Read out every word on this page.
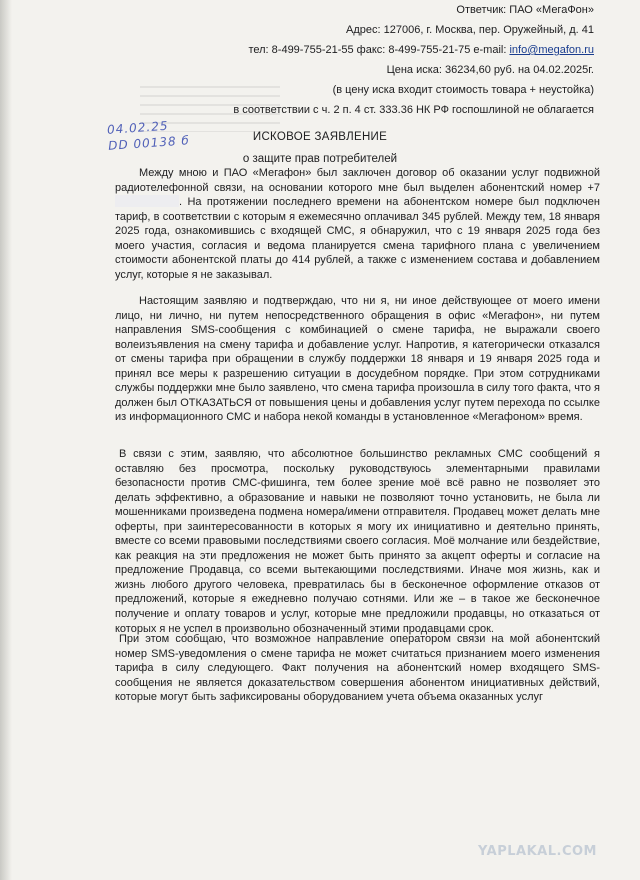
Ответчик: ПАО «МегаФон»
Адрес: 127006, г. Москва, пер. Оружейный, д. 41
тел: 8-499-755-21-55 факс: 8-499-755-21-75 e-mail: info@megafon.ru
Цена иска: 36234,60 руб. на 04.02.2025г.
(в цену иска входит стоимость товара + неустойка)
в соответствии с ч. 2 п. 4 ст. 333.36 НК РФ госпошлиной не облагается
04.02.25
DD 00138 б	ИСКОВОЕ ЗАЯВЛЕНИЕ
о защите прав потребителей

Между мною и ПАО «Мегафон» был заключен договор об оказании услуг подвижной радиотелефонной связи, на основании которого мне был выделен абонентский номер +7 . На протяжении последнего времени на абонентском номере был подключен тариф, в соответствии с которым я ежемесячно оплачивал 345 рублей. Между тем, 18 января 2025 года, ознакомившись с входящей СМС, я обнаружил, что с 19 января 2025 года без моего участия, согласия и ведома планируется смена тарифного плана с увеличением стоимости абонентской платы до 414 рублей, а также с изменением состава и добавлением услуг, которые я не заказывал.

Настоящим заявляю и подтверждаю, что ни я, ни иное действующее от моего имени лицо, ни лично, ни путем непосредственного обращения в офис «Мегафон», ни путем направления SMS-сообщения с комбинацией о смене тарифа, не выражали своего волеизъявления на смену тарифа и добавление услуг. Напротив, я категорически отказался от смены тарифа при обращении в службу поддержки 18 января и 19 января 2025 года и принял все меры к разрешению ситуации в досудебном порядке. При этом сотрудниками службы поддержки мне было заявлено, что смена тарифа произошла в силу того факта, что я должен был ОТКАЗАТЬСЯ от повышения цены и добавления услуг путем перехода по ссылке из информационного СМС и набора некой команды в установленное «Мегафоном» время.

В связи с этим, заявляю, что абсолютное большинство рекламных СМС сообщений я оставляю без просмотра, поскольку руководствуюсь элементарными правилами безопасности против СМС-фишинга, тем более зрение моё всё равно не позволяет это делать эффективно, а образование и навыки не позволяют точно установить, не была ли мошенниками произведена подмена номера/имени отправителя. Продавец может делать мне оферты, при заинтересованности в которых я могу их инициативно и деятельно принять, вместе со всеми правовыми последствиями своего согласия. Моё молчание или бездействие, как реакция на эти предложения не может быть принято за акцепт оферты и согласие на предложение Продавца, со всеми вытекающими последствиями. Иначе моя жизнь, как и жизнь любого другого человека, превратилась бы в бесконечное оформление отказов от предложений, которые я ежедневно получаю сотнями. Или же – в такое же бесконечное получение и оплату товаров и услуг, которые мне предложили продавцы, но отказаться от которых я не успел в произвольно обозначенный этими продавцами срок.

При этом сообщаю, что возможное направление оператором связи на мой абонентский номер SMS-уведомления о смене тарифа не может считаться признанием моего изменения тарифа в силу следующего. Факт получения на абонентский номер входящего SMS-сообщения не является доказательством совершения абонентом инициативных действий, которые могут быть зафиксированы оборудованием учета объема оказанных услуг

YAPLAKAL.COM
